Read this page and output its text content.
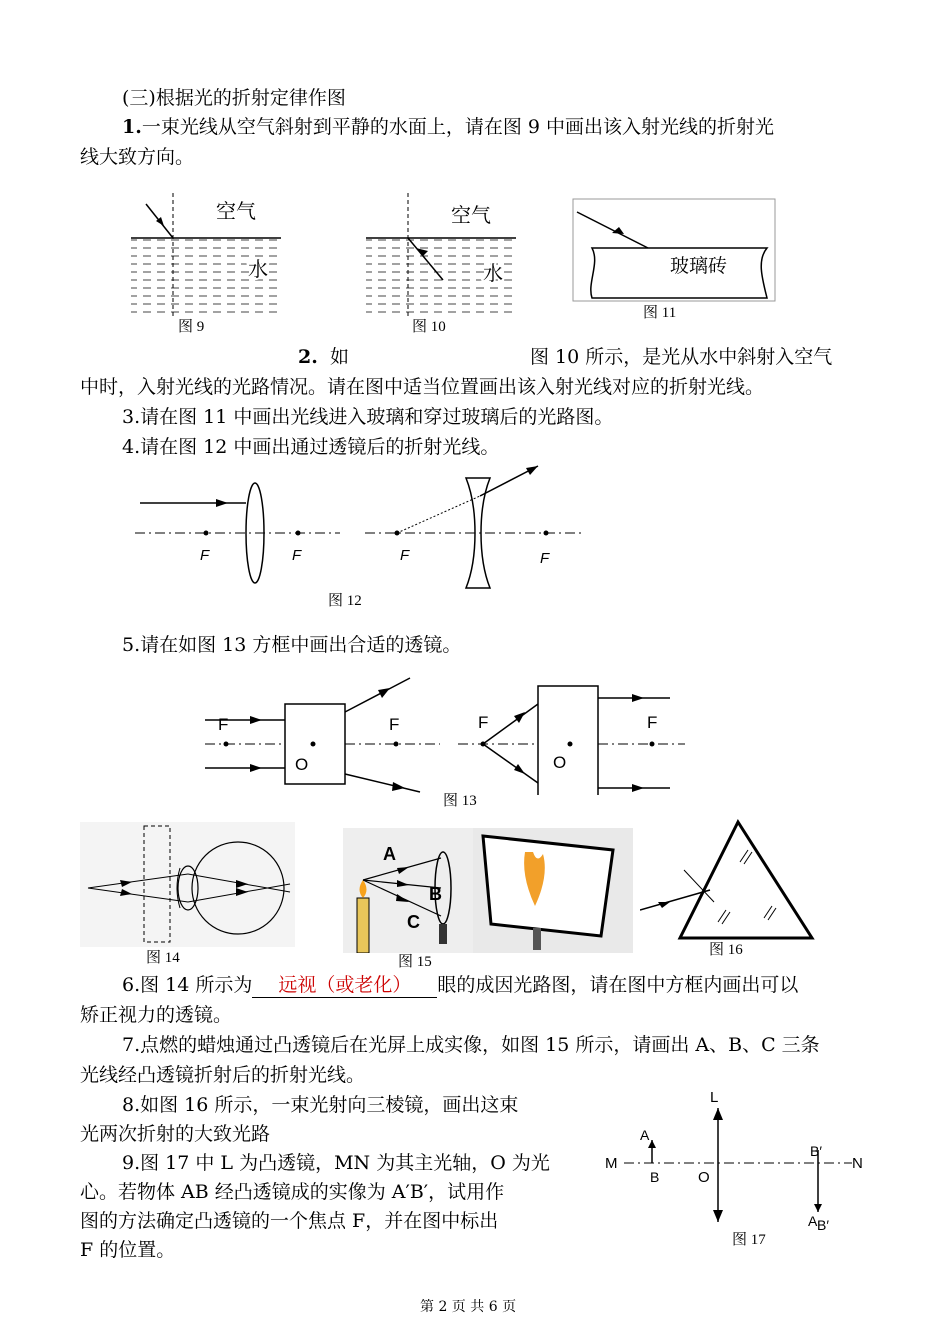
(三)根据光的折射定律作图
1.一束光线从空气斜射到平静的水面上，请在图 9 中画出该入射光线的折射光
线大致方向。
空气
水
图 9
空气
水
图 10
玻璃砖
图 11
2. 如	图 10 所示，是光从水中斜射入空气
中时，入射光线的光路情况。请在图中适当位置画出该入射光线对应的折射光线。
3.请在图 11 中画出光线进入玻璃和穿过玻璃后的光路图。
4.请在图 12 中画出通过透镜后的折射光线。
F	F	F	F
图 12
5.请在如图 13 方框中画出合适的透镜。
F	F
O
F	F
O
图 13
图 14
A
B
C
图 15
图 16
6.图 14 所示为 远视（或老化） 眼的成因光路图，请在图中方框内画出可以
矫正视力的透镜。
7.点燃的蜡烛通过凸透镜后在光屏上成实像，如图 15 所示，请画出 A、B、C 三条
光线经凸透镜折射后的折射光线。
8.如图 16 所示，一束光射向三棱镜，画出这束
光两次折射的大致光路
9.图 17 中 L 为凸透镜，MN 为其主光轴，O 为光
心。若物体 AB 经凸透镜成的实像为 A′B′，试用作
图的方法确定凸透镜的一个焦点 F，并在图中标出
F 的位置。
L
M	N
O
A
B
B′
A B′
图 17
第 2 页 共 6 页
